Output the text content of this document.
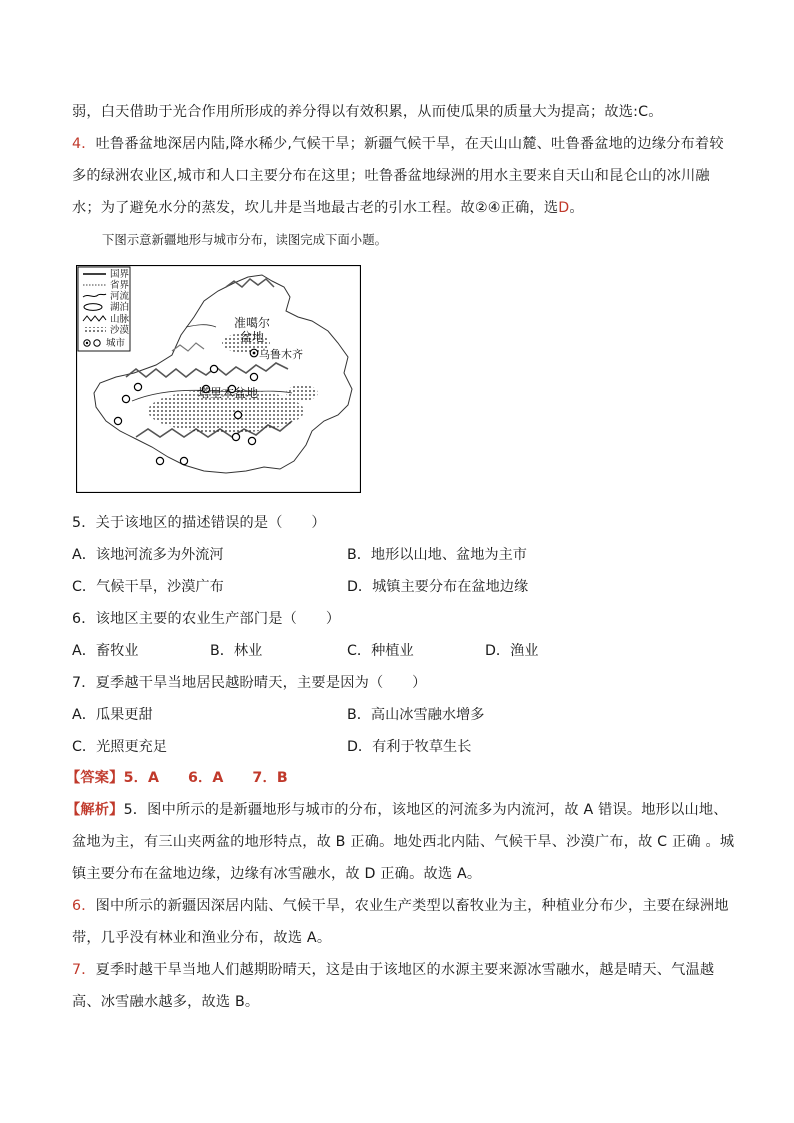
弱，白天借助于光合作用所形成的养分得以有效积累，从而使瓜果的质量大为提高；故选:C。
4．吐鲁番盆地深居内陆,降水稀少,气候干旱；新疆气候干旱，在天山山麓、吐鲁番盆地的边缘分布着较
多的绿洲农业区,城市和人口主要分布在这里；吐鲁番盆地绿洲的用水主要来自天山和昆仑山的冰川融
水；为了避免水分的蒸发，坎儿井是当地最古老的引水工程。故②④正确，选D。
下图示意新疆地形与城市分布，读图完成下面小题。
准噶尔
盆地
乌鲁木齐
塔里木盆地
国界
省界
河流
湖泊
山脉
沙漠
城市
5．关于该地区的描述错误的是（　　）
A．该地河流多为外流河	B．地形以山地、盆地为主市
C．气候干旱，沙漠广布	D．城镇主要分布在盆地边缘
6．该地区主要的农业生产部门是（　　）
A．畜牧业	B．林业	C．种植业	D．渔业
7．夏季越干旱当地居民越盼晴天，主要是因为（　　）
A．瓜果更甜	B．高山冰雪融水增多
C．光照更充足	D．有利于牧草生长
【答案】5．A　　6．A　　7．B
【解析】5．图中所示的是新疆地形与城市的分布，该地区的河流多为内流河，故 A 错误。地形以山地、
盆地为主，有三山夹两盆的地形特点，故 B 正确。地处西北内陆、气候干旱、沙漠广布，故 C 正确 。城
镇主要分布在盆地边缘，边缘有冰雪融水，故 D 正确。故选 A。
6．图中所示的新疆因深居内陆、气候干旱，农业生产类型以畜牧业为主，种植业分布少，主要在绿洲地
带，几乎没有林业和渔业分布，故选 A。
7．夏季时越干旱当地人们越期盼晴天，这是由于该地区的水源主要来源冰雪融水，越是晴天、气温越
高、冰雪融水越多，故选 B。
